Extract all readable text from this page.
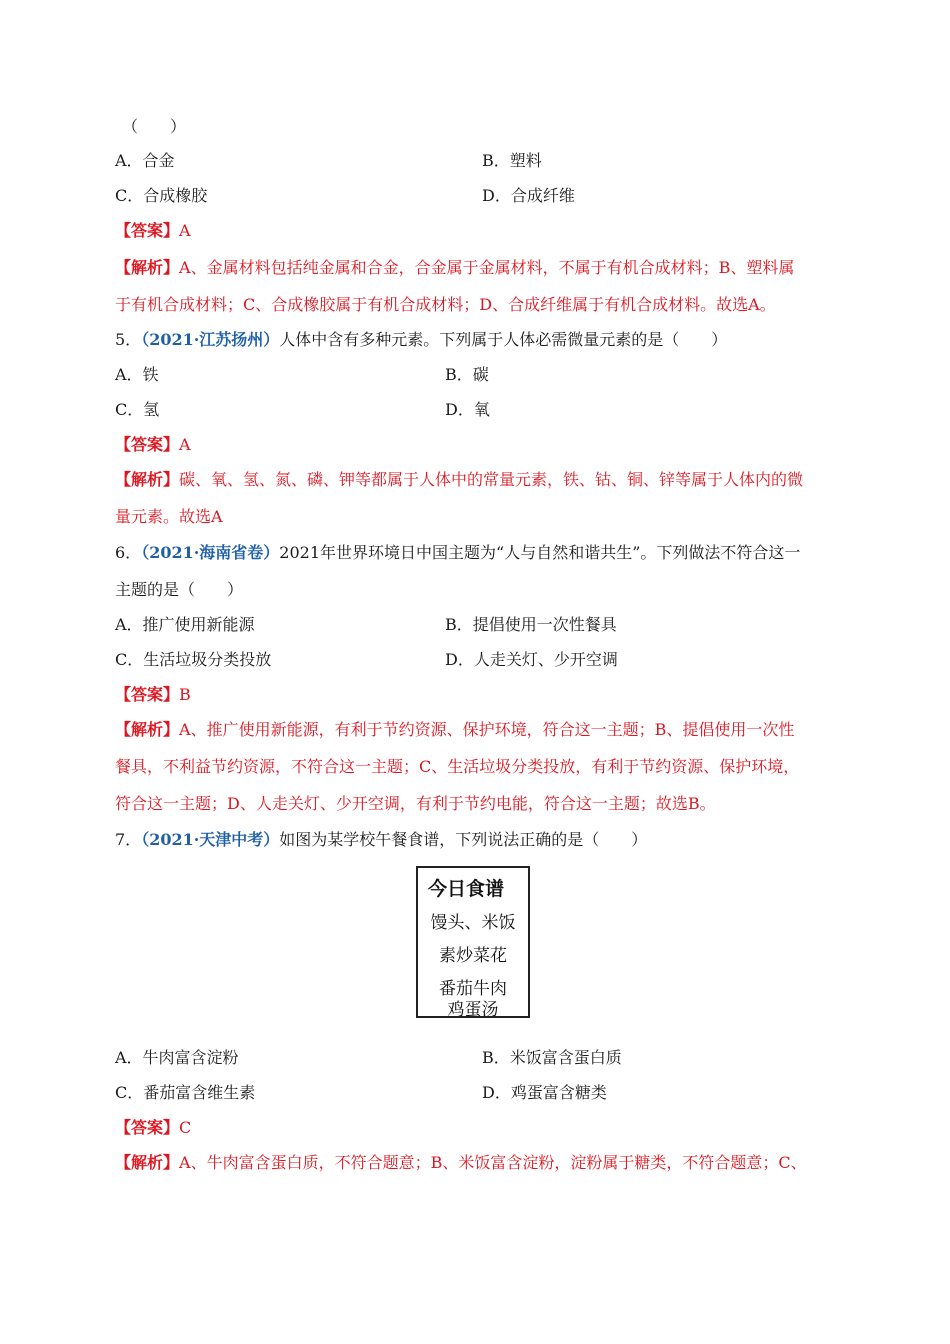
（　　）
A．合金	B．塑料
C．合成橡胶	D．合成纤维
【答案】A
【解析】A、金属材料包括纯金属和合金，合金属于金属材料，不属于有机合成材料；B、塑料属
于有机合成材料；C、合成橡胶属于有机合成材料；D、合成纤维属于有机合成材料。故选A。
5．（2021·江苏扬州）人体中含有多种元素。下列属于人体必需微量元素的是（　　）
A．铁	B．碳
C．氢	D．氧
【答案】A
【解析】碳、氧、氢、氮、磷、钾等都属于人体中的常量元素，铁、钴、铜、锌等属于人体内的微
量元素。故选A
6．（2021·海南省卷）2021年世界环境日中国主题为“人与自然和谐共生”。下列做法不符合这一
主题的是（　　）
A．推广使用新能源	B．提倡使用一次性餐具
C．生活垃圾分类投放	D．人走关灯、少开空调
【答案】B
【解析】A、推广使用新能源，有利于节约资源、保护环境，符合这一主题；B、提倡使用一次性
餐具，不利益节约资源，不符合这一主题；C、生活垃圾分类投放，有利于节约资源、保护环境，
符合这一主题；D、人走关灯、少开空调，有利于节约电能，符合这一主题；故选B。
7．（2021·天津中考）如图为某学校午餐食谱，下列说法正确的是（　　）
今日食谱
馒头、米饭
素炒菜花
番茄牛肉
鸡蛋汤
A．牛肉富含淀粉	B．米饭富含蛋白质
C．番茄富含维生素	D．鸡蛋富含糖类
【答案】C
【解析】A、牛肉富含蛋白质，不符合题意；B、米饭富含淀粉，淀粉属于糖类，不符合题意；C、
